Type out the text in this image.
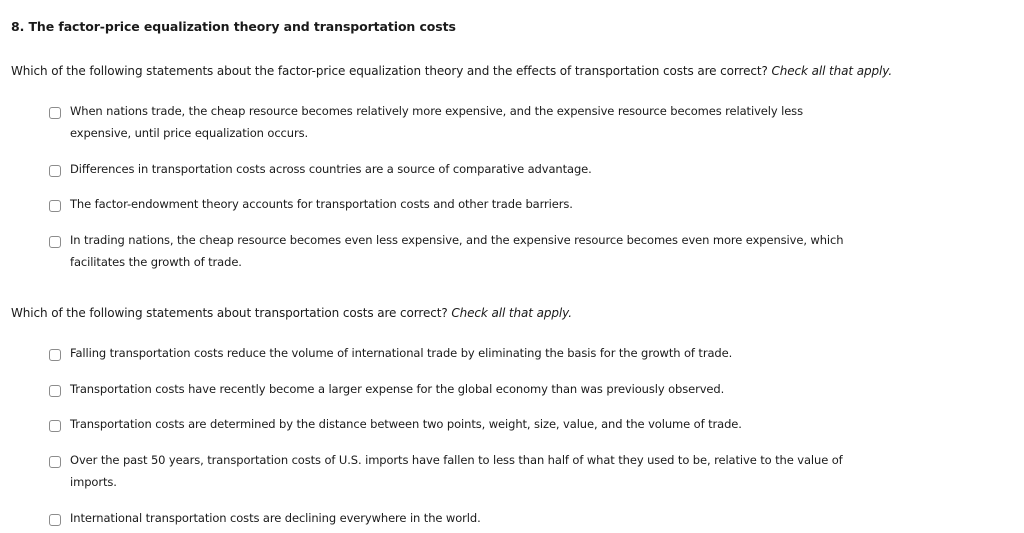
8. The factor-price equalization theory and transportation costs
Which of the following statements about the factor-price equalization theory and the effects of transportation costs are correct? Check all that apply.
When nations trade, the cheap resource becomes relatively more expensive, and the expensive resource becomes relatively less expensive, until price equalization occurs.
Differences in transportation costs across countries are a source of comparative advantage.
The factor-endowment theory accounts for transportation costs and other trade barriers.
In trading nations, the cheap resource becomes even less expensive, and the expensive resource becomes even more expensive, which facilitates the growth of trade.
Which of the following statements about transportation costs are correct? Check all that apply.
Falling transportation costs reduce the volume of international trade by eliminating the basis for the growth of trade.
Transportation costs have recently become a larger expense for the global economy than was previously observed.
Transportation costs are determined by the distance between two points, weight, size, value, and the volume of trade.
Over the past 50 years, transportation costs of U.S. imports have fallen to less than half of what they used to be, relative to the value of imports.
International transportation costs are declining everywhere in the world.
